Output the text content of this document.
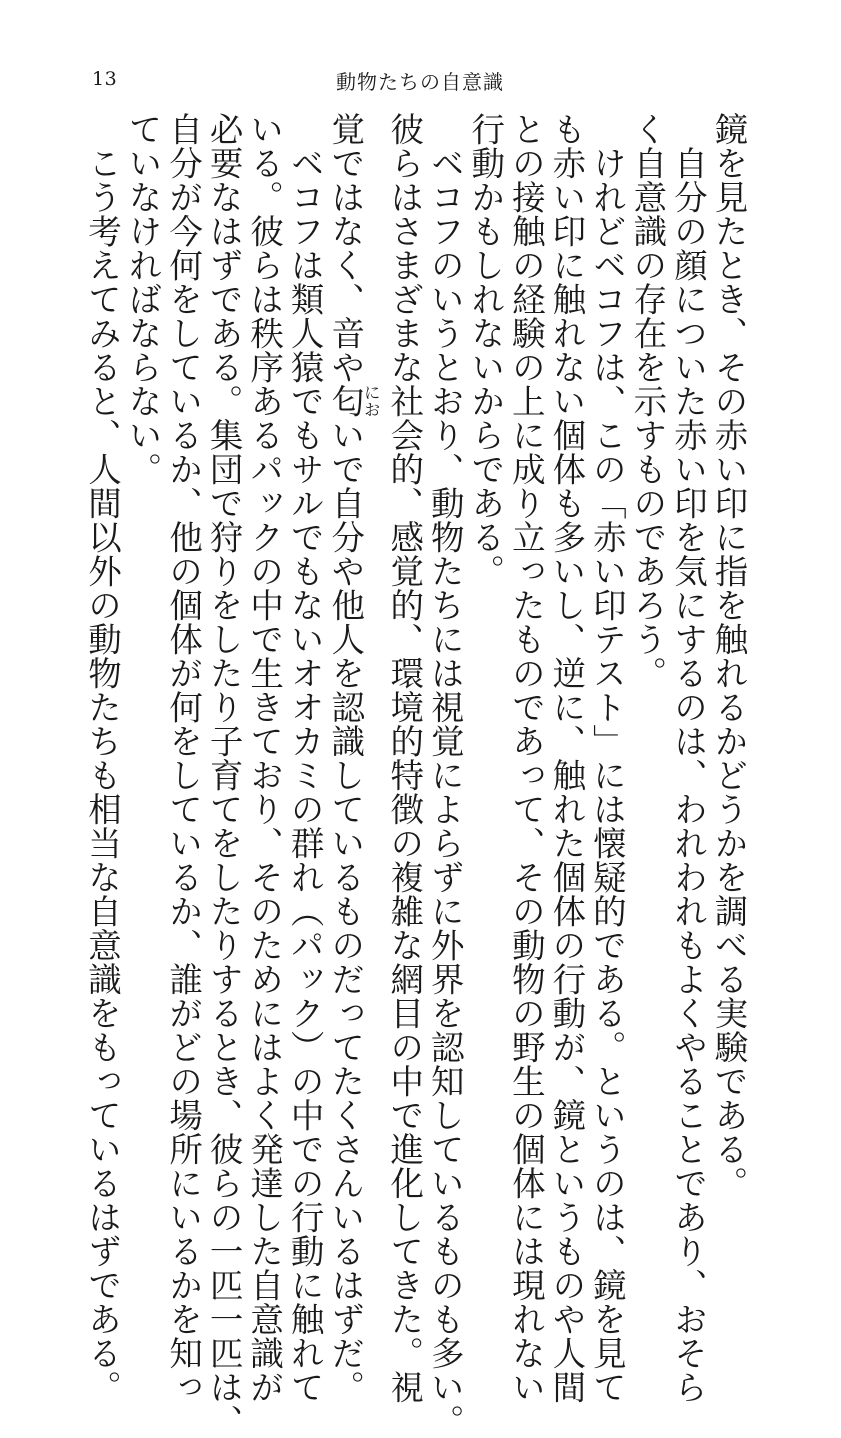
13	動物たちの自意識
鏡を見たとき、その赤い印に指を触れるかどうかを調べる実験である。
　自分の顔についた赤い印を気にするのは、われわれもよくやることであり、おそら
く自意識の存在を示すものであろう。
　けれどベコフは、この「赤い印テスト」には懐疑的である。というのは、鏡を見て
も赤い印に触れない個体も多いし、逆に、触れた個体の行動が、鏡というものや人間
との接触の経験の上に成り立ったものであって、その動物の野生の個体には現れない
行動かもしれないからである。
　ベコフのいうとおり、動物たちには視覚によらずに外界を認知しているものも多い。
彼らはさまざまな社会的、感覚的、環境的特徴の複雑な網目の中で進化してきた。視
覚ではなく、音や匂においで自分や他人を認識しているものだってたくさんいるはずだ。
　ベコフは類人猿でもサルでもないオオカミの群れ（パック）の中での行動に触れて
いる。彼らは秩序あるパックの中で生きており、そのためにはよく発達した自意識が
必要なはずである。集団で狩りをしたり子育てをしたりするとき、彼らの一匹一匹は、
自分が今何をしているか、他の個体が何をしているか、誰がどの場所にいるかを知っ
ていなければならない。
　こう考えてみると、人間以外の動物たちも相当な自意識をもっているはずである。
